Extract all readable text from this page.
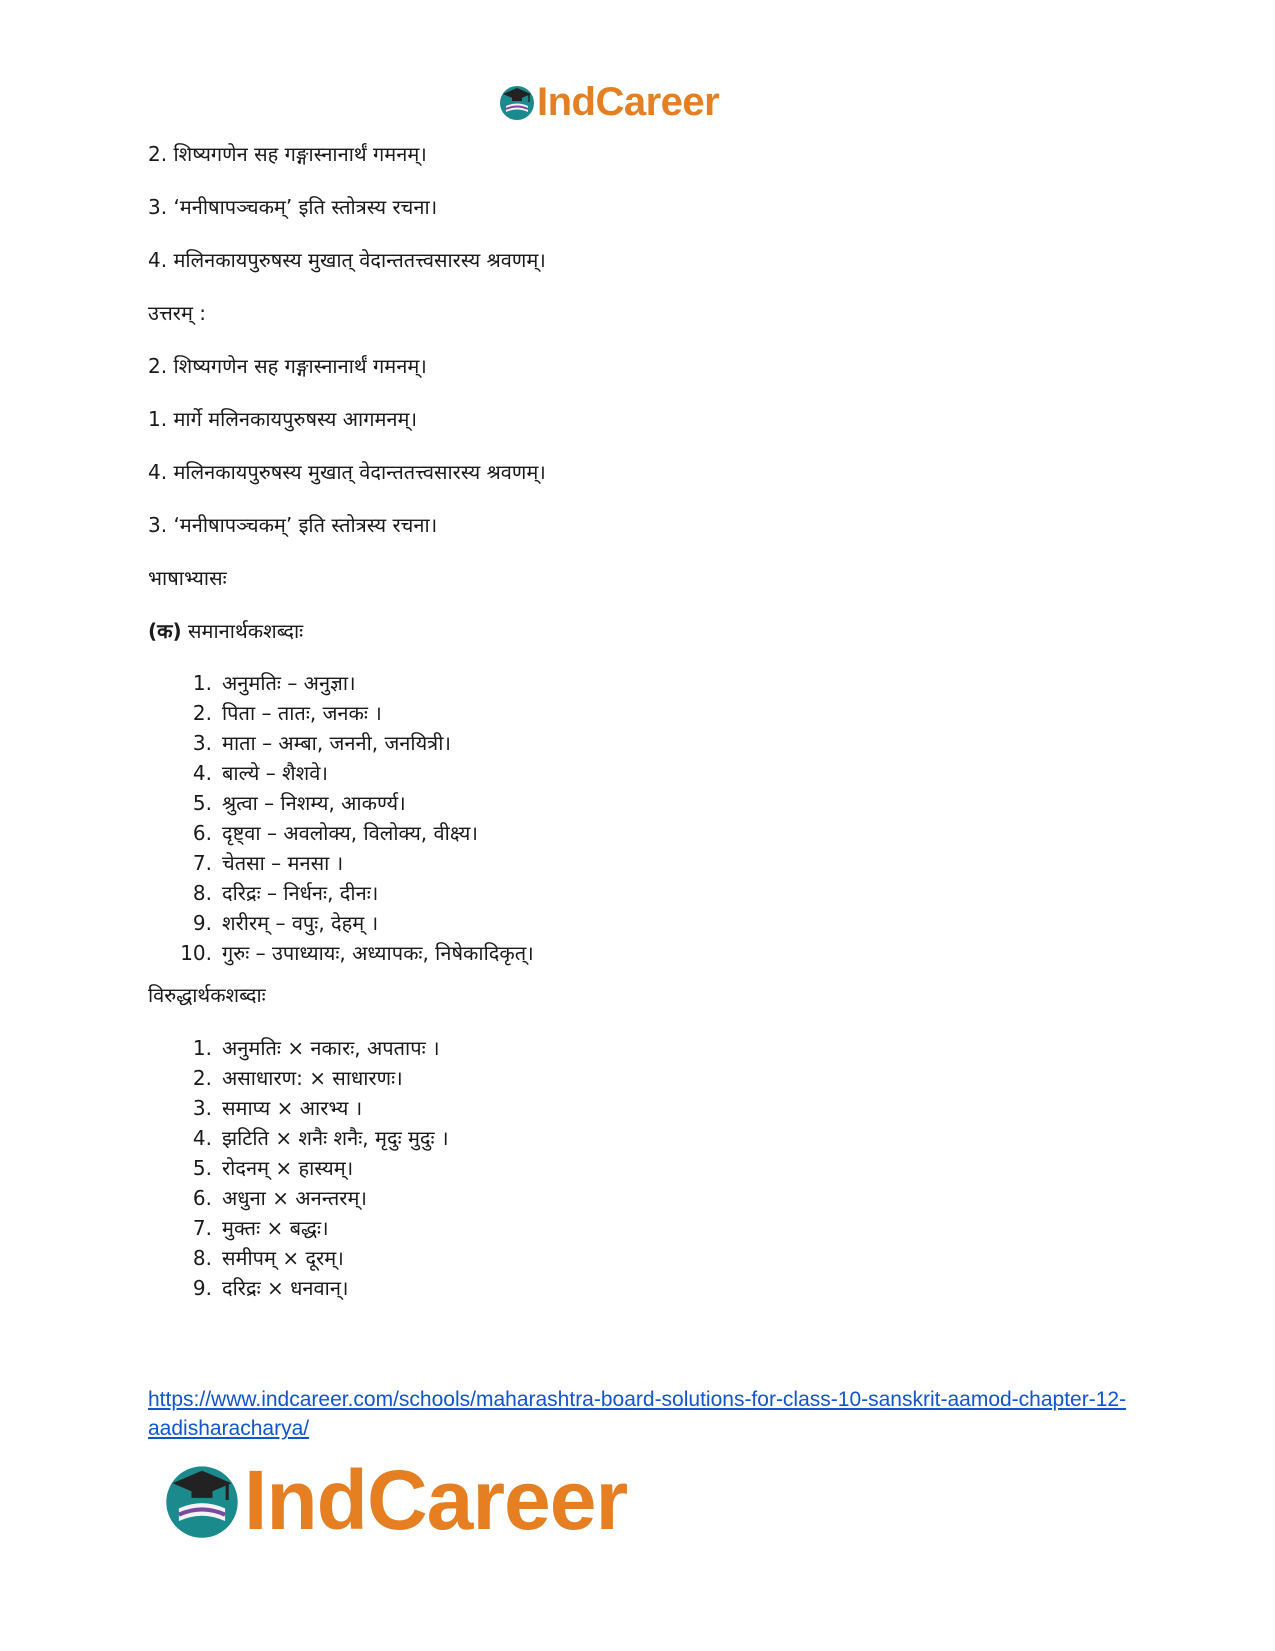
IndCareer
2. शिष्यगणेन सह गङ्गास्नानार्थं गमनम्।
3. ‘मनीषापञ्चकम्’ इति स्तोत्रस्य रचना।
4. मलिनकायपुरुषस्य मुखात् वेदान्ततत्त्वसारस्य श्रवणम्।
उत्तरम् :
2. शिष्यगणेन सह गङ्गास्नानार्थं गमनम्।
1. मार्गे मलिनकायपुरुषस्य आगमनम्।
4. मलिनकायपुरुषस्य मुखात् वेदान्ततत्त्वसारस्य श्रवणम्।
3. ‘मनीषापञ्चकम्’ इति स्तोत्रस्य रचना।
भाषाभ्यासः
(क) समानार्थकशब्दाः
1. अनुमतिः – अनुज्ञा।
2. पिता – तातः, जनकः ।
3. माता – अम्बा, जननी, जनयित्री।
4. बाल्ये – शैशवे।
5. श्रुत्वा – निशम्य, आकर्ण्य।
6. दृष्ट्वा – अवलोक्य, विलोक्य, वीक्ष्य।
7. चेतसा – मनसा ।
8. दरिद्रः – निर्धनः, दीनः।
9. शरीरम् – वपुः, देहम् ।
10. गुरुः – उपाध्यायः, अध्यापकः, निषेकादिकृत्।
विरुद्धार्थकशब्दाः
1. अनुमतिः × नकारः, अपतापः ।
2. असाधारण: × साधारणः।
3. समाप्य × आरभ्य ।
4. झटिति × शनैः शनैः, मृदुः मुदुः ।
5. रोदनम् × हास्यम्।
6. अधुना × अनन्तरम्।
7. मुक्तः × बद्धः।
8. समीपम् × दूरम्।
9. दरिद्रः × धनवान्।
https://www.indcareer.com/schools/maharashtra-board-solutions-for-class-10-sanskrit-aamod-chapter-12-aadisharacharya/
IndCareer
